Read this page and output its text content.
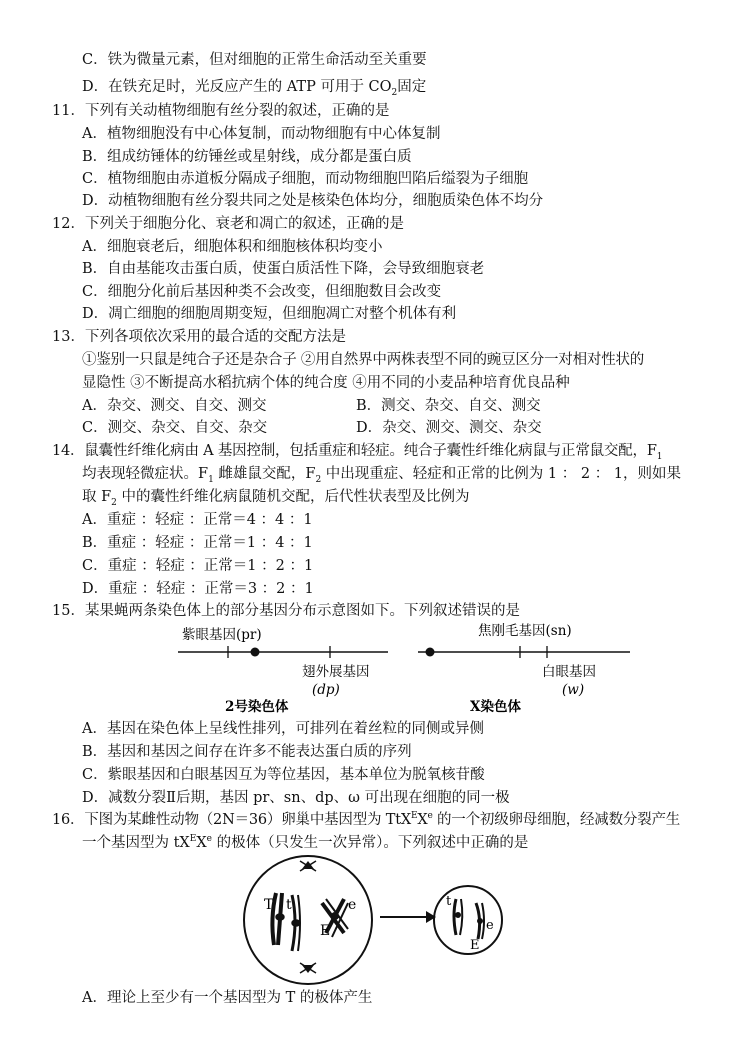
C．铁为微量元素，但对细胞的正常生命活动至关重要
D．在铁充足时，光反应产生的 ATP 可用于 $CO_2$固定
11．下列有关动植物细胞有丝分裂的叙述，正确的是
A．植物细胞没有中心体复制，而动物细胞有中心体复制
B．组成纺锤体的纺锤丝或星射线，成分都是蛋白质
C．植物细胞由赤道板分隔成子细胞，而动物细胞凹陷后缢裂为子细胞
D．动植物细胞有丝分裂共同之处是核染色体均分，细胞质染色体不均分
12．下列关于细胞分化、衰老和凋亡的叙述，正确的是
A．细胞衰老后，细胞体积和细胞核体积均变小
B．自由基能攻击蛋白质，使蛋白质活性下降，会导致细胞衰老
C．细胞分化前后基因种类不会改变，但细胞数目会改变
D．凋亡细胞的细胞周期变短，但细胞凋亡对整个机体有利
13．下列各项依次采用的最合适的交配方法是
①鉴别一只鼠是纯合子还是杂合子 ②用自然界中两株表型不同的豌豆区分一对相对性状的
显隐性 ③不断提高水稻抗病个体的纯合度 ④用不同的小麦品种培育优良品种
A．杂交、测交、自交、测交	B．测交、杂交、自交、测交
C．测交、杂交、自交、杂交	D．杂交、测交、测交、杂交
14．鼠囊性纤维化病由 A 基因控制，包括重症和轻症。纯合子囊性纤维化病鼠与正常鼠交配，$F_1$
均表现轻微症状。$F_1$ 雌雄鼠交配，$F_2$ 中出现重症、轻症和正常的比例为 1 ： 2 ： 1，则如果
取 $F_2$ 中的囊性纤维化病鼠随机交配，后代性状表型及比例为
A．重症 ：轻症 ：正常＝4 ：4 ：1
B．重症 ：轻症 ：正常＝1 ：4 ：1
C．重症 ：轻症 ：正常＝1 ：2 ：1
D．重症 ：轻症 ：正常＝3 ：2 ：1
15．某果蝇两条染色体上的部分基因分布示意图如下。下列叙述错误的是
紫眼基因(pr)
翅外展基因
(dp)
2号染色体
焦刚毛基因(sn)
白眼基因
(w)
X染色体
A．基因在染色体上呈线性排列，可排列在着丝粒的同侧或异侧
B．基因和基因之间存在许多不能表达蛋白质的序列
C．紫眼基因和白眼基因互为等位基因，基本单位为脱氧核苷酸
D．减数分裂Ⅱ后期，基因 pr、sn、dp、ω 可出现在细胞的同一极
16．下图为某雌性动物（2N＝36）卵巢中基因型为 TtX$^E$Xe 的一个初级卵母细胞，经减数分裂产生
一个基因型为 $tX^EXe$ 的极体（只发生一次异常）。下列叙述中正确的是
T t	e
E
t
e
E
A．理论上至少有一个基因型为 T 的极体产生
